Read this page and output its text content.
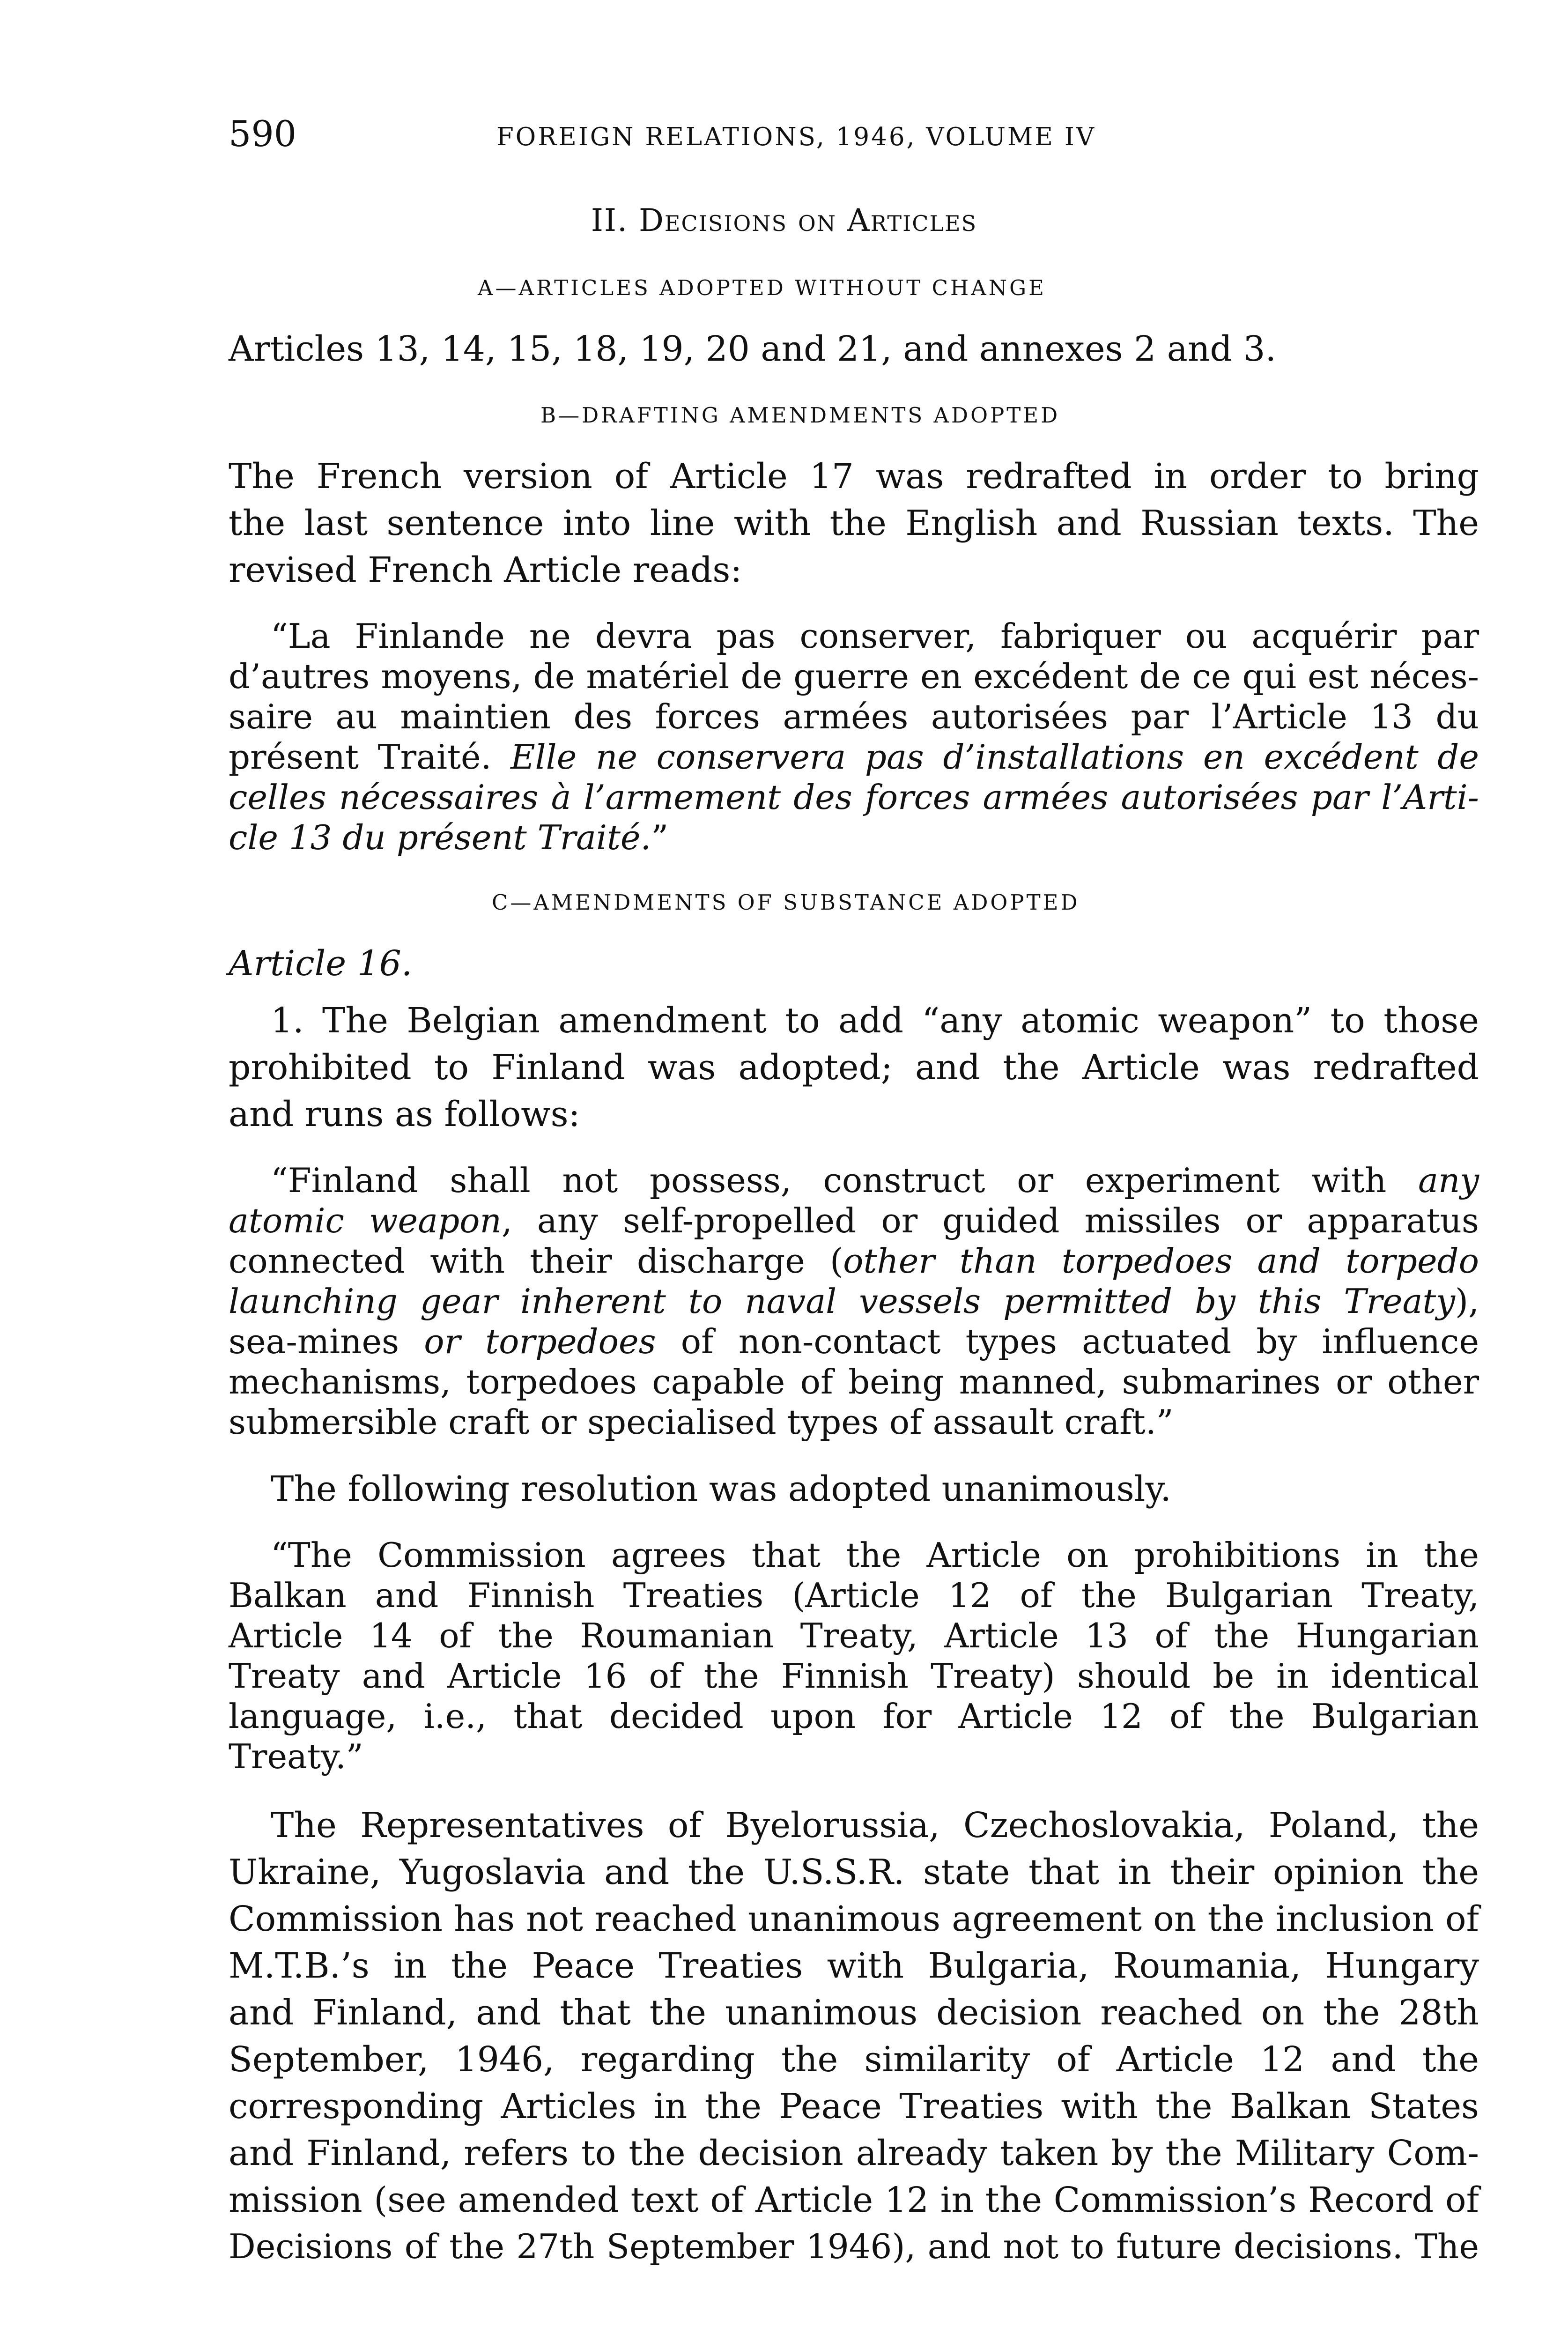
590	FOREIGN RELATIONS, 1946, VOLUME IV
II. Decisions on Articles
A—ARTICLES ADOPTED WITHOUT CHANGE
Articles 13, 14, 15, 18, 19, 20 and 21, and annexes 2 and 3.
B—DRAFTING AMENDMENTS ADOPTED
The French version of Article 17 was redrafted in order to bring
the last sentence into line with the English and Russian texts. The
revised French Article reads:
“La Finlande ne devra pas conserver, fabriquer ou acquérir par
d’autres moyens, de matériel de guerre en excédent de ce qui est néces-
saire au maintien des forces armées autorisées par l’Article 13 du
présent Traité. Elle ne conservera pas d’installations en excédent de
celles nécessaires à l’armement des forces armées autorisées par l’Arti-
cle 13 du présent Traité.”
C—AMENDMENTS OF SUBSTANCE ADOPTED
Article 16.
1. The Belgian amendment to add “any atomic weapon” to those
prohibited to Finland was adopted; and the Article was redrafted
and runs as follows:
“Finland shall not possess, construct or experiment with any
atomic weapon, any self-propelled or guided missiles or apparatus
connected with their discharge (other than torpedoes and torpedo
launching gear inherent to naval vessels permitted by this Treaty),
sea-mines or torpedoes of non-contact types actuated by influence
mechanisms, torpedoes capable of being manned, submarines or other
submersible craft or specialised types of assault craft.”
The following resolution was adopted unanimously.
“The Commission agrees that the Article on prohibitions in the
Balkan and Finnish Treaties (Article 12 of the Bulgarian Treaty,
Article 14 of the Roumanian Treaty, Article 13 of the Hungarian
Treaty and Article 16 of the Finnish Treaty) should be in identical
language, i.e., that decided upon for Article 12 of the Bulgarian
Treaty.”
The Representatives of Byelorussia, Czechoslovakia, Poland, the
Ukraine, Yugoslavia and the U.S.S.R. state that in their opinion the
Commission has not reached unanimous agreement on the inclusion of
M.T.B.’s in the Peace Treaties with Bulgaria, Roumania, Hungary
and Finland, and that the unanimous decision reached on the 28th
September, 1946, regarding the similarity of Article 12 and the
corresponding Articles in the Peace Treaties with the Balkan States
and Finland, refers to the decision already taken by the Military Com-
mission (see amended text of Article 12 in the Commission’s Record of
Decisions of the 27th September 1946), and not to future decisions. The
